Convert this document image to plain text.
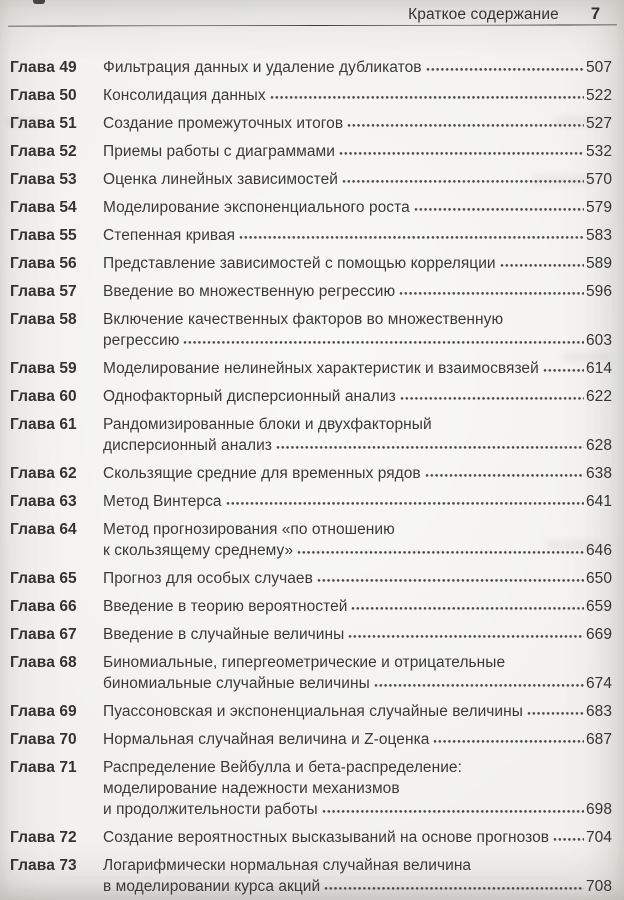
Краткое содержание 7
Глава 49	Фильтрация данных и удаление дубликатов	507
Глава 50	Консолидация данных	522
Глава 51	Создание промежуточных итогов	527
Глава 52	Приемы работы с диаграммами	532
Глава 53	Оценка линейных зависимостей	570
Глава 54	Моделирование экспоненциального роста	579
Глава 55	Степенная кривая	583
Глава 56	Представление зависимостей с помощью корреляции	589
Глава 57	Введение во множественную регрессию	596
Глава 58	Включение качественных факторов во множественную
регрессию	603
Глава 59	Моделирование нелинейных характеристик и взаимосвязей	614
Глава 60	Однофакторный дисперсионный анализ	622
Глава 61	Рандомизированные блоки и двухфакторный
дисперсионный анализ	628
Глава 62	Скользящие средние для временных рядов	638
Глава 63	Метод Винтерса	641
Глава 64	Метод прогнозирования «по отношению
к скользящему среднему»	646
Глава 65	Прогноз для особых случаев	650
Глава 66	Введение в теорию вероятностей	659
Глава 67	Введение в случайные величины	669
Глава 68	Биномиальные, гипергеометрические и отрицательные
биномиальные случайные величины	674
Глава 69	Пуассоновская и экспоненциальная случайные величины	683
Глава 70	Нормальная случайная величина и Z-оценка	687
Глава 71	Распределение Вейбулла и бета-распределение:
моделирование надежности механизмов
и продолжительности работы	698
Глава 72	Создание вероятностных высказываний на основе прогнозов 704
Глава 73	Логарифмически нормальная случайная величина
в моделировании курса акций	708
